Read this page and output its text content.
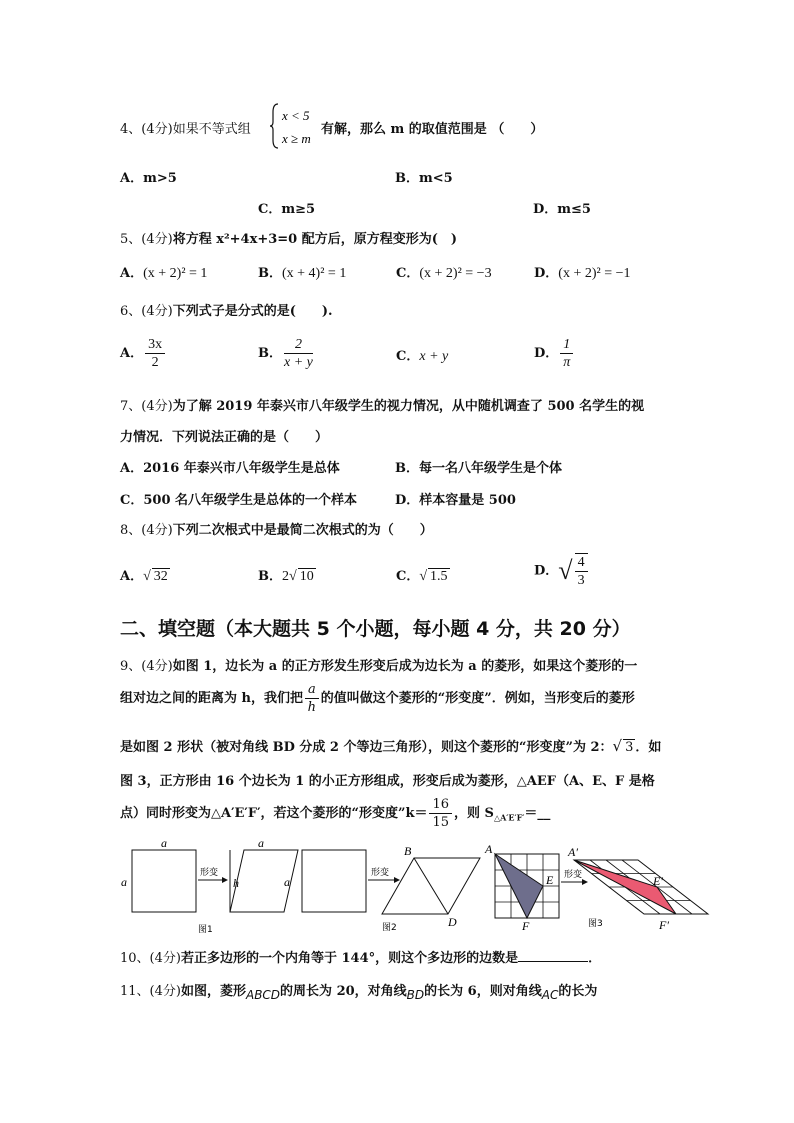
4、(4分)如果不等式组
x < 5
x ≥ m
有解，那么 m 的取值范围是 （　　）
A．m>5	B．m<5
C．m≥5	D．m≤5
5、(4分)将方程 x²+4x+3=0 配方后，原方程变形为(　)
A．(x + 2)² = 1	B．(x + 4)² = 1	C．(x + 2)² = −3	D．(x + 2)² = −1
6、(4分)下列式子是分式的是(　　).
A． $\frac{3x}{2}$	B． $\frac{2}{x + y}$	C．x + y	D． $\frac{1}{\pi}$
7、(4分)为了解 2019 年泰兴市八年级学生的视力情况，从中随机调查了 500 名学生的视
力情况．下列说法正确的是（　　）
A．2016 年泰兴市八年级学生是总体	B．每一名八年级学生是个体
C．500 名八年级学生是总体的一个样本	D．样本容量是 500
8、(4分)下列二次根式中是最简二次根式的为（　　）
A．√ 32	B．2√ 10	C．√ 1.5	D．√ $\frac{4}{3}$
二、填空题（本大题共 5 个小题，每小题 4 分，共 20 分）
9、(4分)如图 1，边长为 a 的正方形发生形变后成为边长为 a 的菱形，如果这个菱形的一
组对边之间的距离为 h，我们把 $\frac{a}{h}$ 的值叫做这个菱形的“形变度”．例如，当形变后的菱形
是如图 2 形状（被对角线 BD 分成 2 个等边三角形），则这个菱形的“形变度”为 2：√ 3 ．如
图 3，正方形由 16 个边长为 1 的小正方形组成，形变后成为菱形，△AEF（A、E、F 是格
点）同时形变为△A′E′F′，若这个菱形的“形变度”k＝ $\frac{16}{15}$ ，则 $S_{\triangle A'E'F'}=\_\_$
a
a
形变
a
h	a
图1
形变
B
D
图2
A
E
F
形变
A′
E′
F′
图3
10、(4分)若正多边形的一个内角等于 144°，则这个多边形的边数是	．
11、(4分)如图，菱形ABCD的周长为 20，对角线BD的长为 6，则对角线AC的长为
